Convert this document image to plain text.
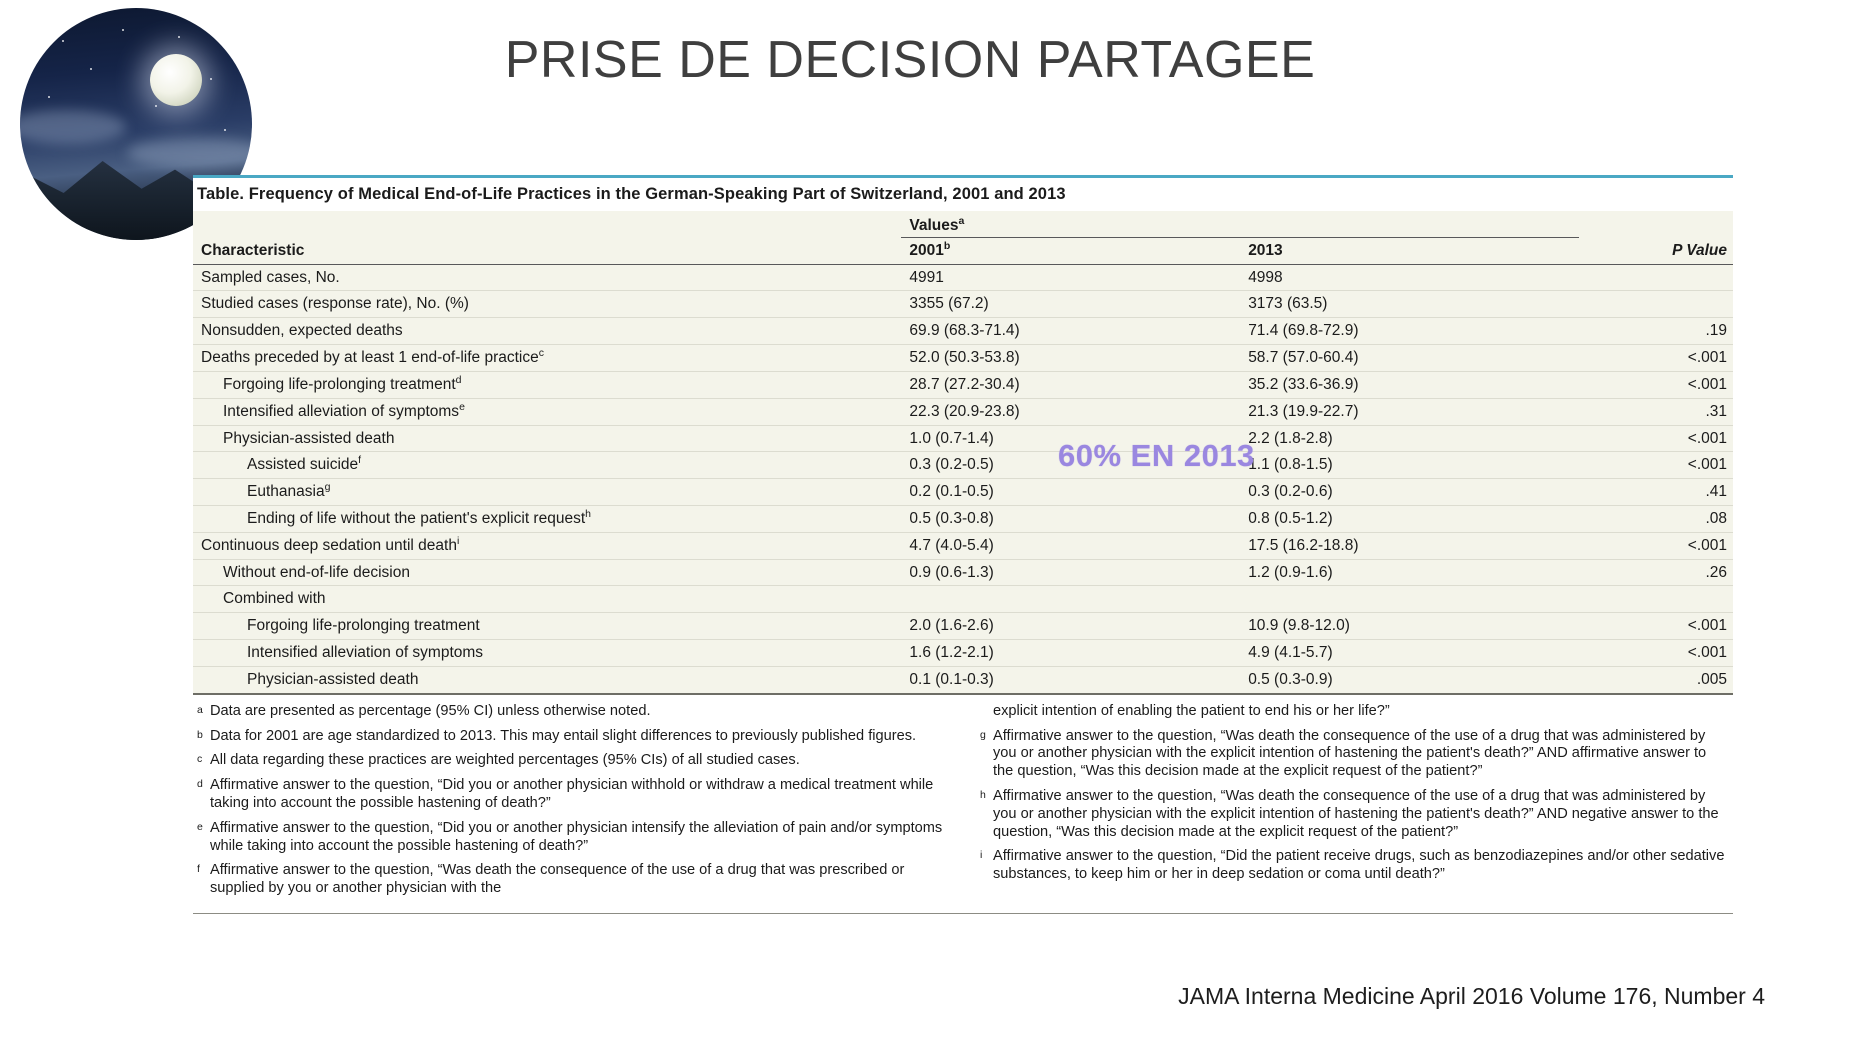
PRISE DE DECISION PARTAGEE
Table. Frequency of Medical End-of-Life Practices in the German-Speaking Part of Switzerland, 2001 and 2013
	Values$^a$	
Characteristic	2001$^b$	2013	P Value
Sampled cases, No.	4991	4998	
Studied cases (response rate), No. (%)	3355 (67.2)	3173 (63.5)	
Nonsudden, expected deaths	69.9 (68.3-71.4)	71.4 (69.8-72.9)	.19
Deaths preceded by at least 1 end-of-life practice$^c$	52.0 (50.3-53.8)	58.7 (57.0-60.4)	<.001
Forgoing life-prolonging treatment$^d$	28.7 (27.2-30.4)	35.2 (33.6-36.9)	<.001
Intensified alleviation of symptoms$^e$	22.3 (20.9-23.8)	21.3 (19.9-22.7)	.31
Physician-assisted death	1.0 (0.7-1.4)	2.2 (1.8-2.8)	<.001
Assisted suicide$^f$	0.3 (0.2-0.5)	1.1 (0.8-1.5)	<.001
Euthanasia$^g$	0.2 (0.1-0.5)	0.3 (0.2-0.6)	.41
Ending of life without the patient's explicit request$^h$	0.5 (0.3-0.8)	0.8 (0.5-1.2)	.08
Continuous deep sedation until death$^i$	4.7 (4.0-5.4)	17.5 (16.2-18.8)	<.001
Without end-of-life decision	0.9 (0.6-1.3)	1.2 (0.9-1.6)	.26
Combined with			
Forgoing life-prolonging treatment	2.0 (1.6-2.6)	10.9 (9.8-12.0)	<.001
Intensified alleviation of symptoms	1.6 (1.2-2.1)	4.9 (4.1-5.7)	<.001
Physician-assisted death	0.1 (0.1-0.3)	0.5 (0.3-0.9)	.005
a Data are presented as percentage (95% CI) unless otherwise noted.
b Data for 2001 are age standardized to 2013. This may entail slight differences to previously published figures.
c All data regarding these practices are weighted percentages (95% CIs) of all studied cases.
d Affirmative answer to the question, “Did you or another physician withhold or withdraw a medical treatment while taking into account the possible hastening of death?”
e Affirmative answer to the question, “Did you or another physician intensify the alleviation of pain and/or symptoms while taking into account the possible hastening of death?”
f Affirmative answer to the question, “Was death the consequence of the use of a drug that was prescribed or supplied by you or another physician with the
explicit intention of enabling the patient to end his or her life?”
g Affirmative answer to the question, “Was death the consequence of the use of a drug that was administered by you or another physician with the explicit intention of hastening the patient's death?” AND affirmative answer to the question, “Was this decision made at the explicit request of the patient?”
h Affirmative answer to the question, “Was death the consequence of the use of a drug that was administered by you or another physician with the explicit intention of hastening the patient's death?” AND negative answer to the question, “Was this decision made at the explicit request of the patient?”
i Affirmative answer to the question, “Did the patient receive drugs, such as benzodiazepines and/or other sedative substances, to keep him or her in deep sedation or coma until death?”
60% EN 2013
JAMA Interna Medicine April 2016 Volume 176, Number 4
